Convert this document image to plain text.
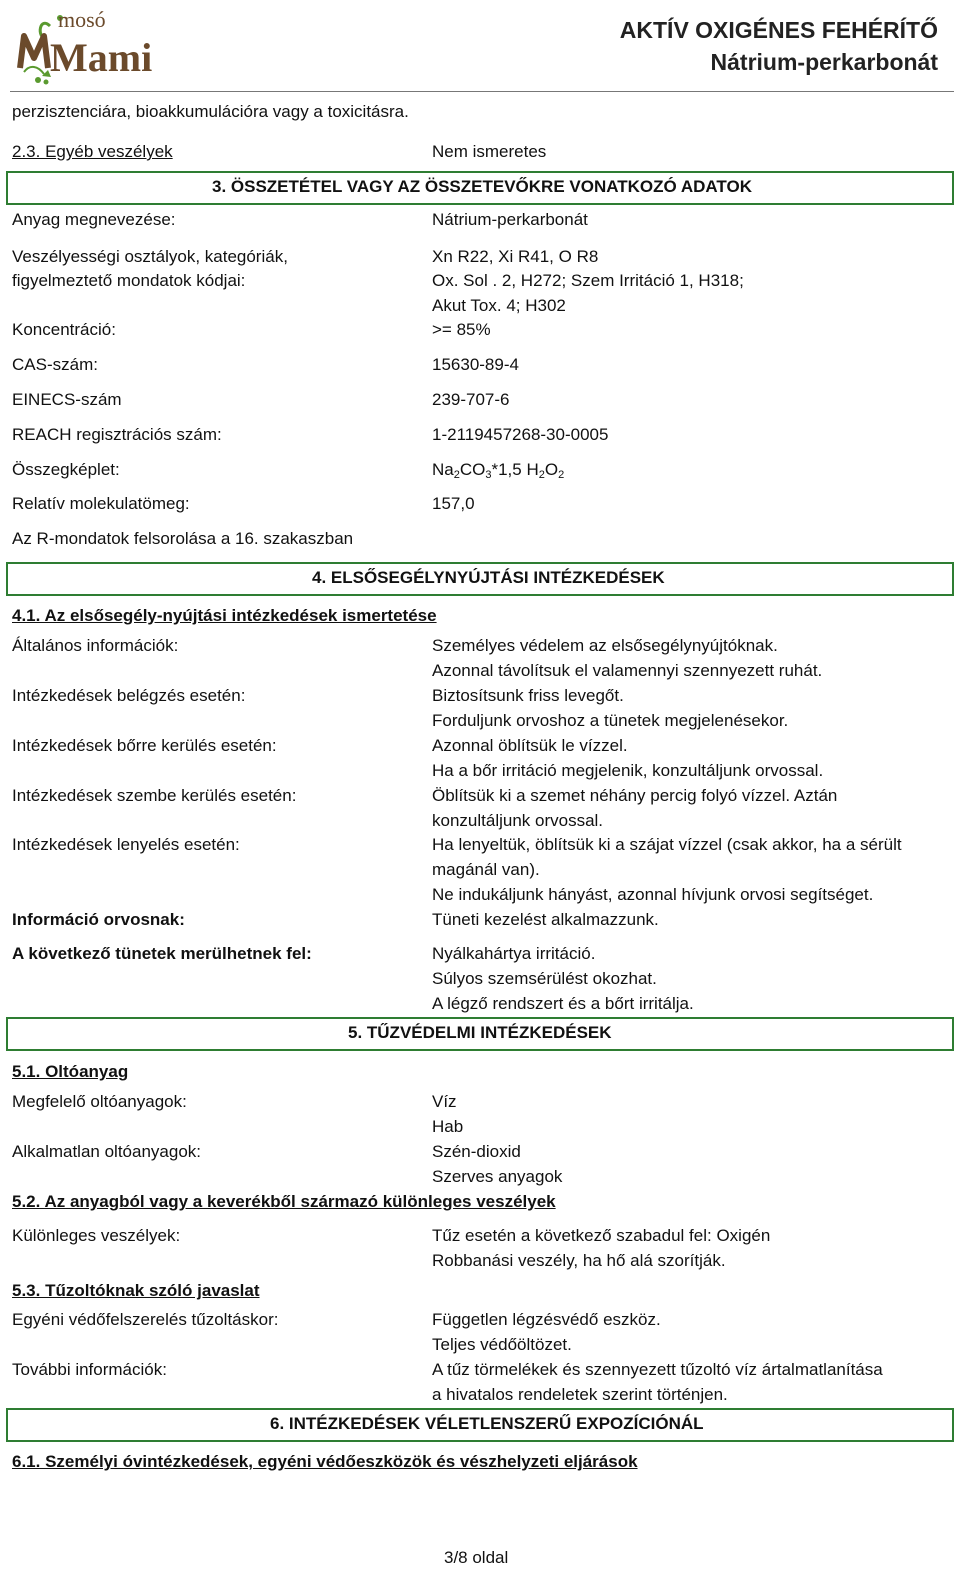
mosó
Mami
AKTÍV OXIGÉNES FEHÉRÍTŐ
Nátrium-perkarbonát
perzisztenciára, bioakkumulációra vagy a toxicitásra.
2.3. Egyéb veszélyek	Nem ismeretes
3. ÖSSZETÉTEL VAGY AZ ÖSSZETEVŐKRE VONATKOZÓ ADATOK
Anyag megnevezése:	Nátrium-perkarbonát
Veszélyességi osztályok, kategóriák,
figyelmeztető mondatok kódjai:
Xn R22, Xi R41, O R8
Ox. Sol . 2, H272; Szem Irritáció 1, H318;
Akut Tox. 4; H302
Koncentráció:	>= 85%
CAS-szám:	15630-89-4
EINECS-szám	239-707-6
REACH regisztrációs szám:	1-2119457268-30-0005
Összegképlet:	$Na_2CO_3*1,5$ $H_2O_2$
Relatív molekulatömeg:	157,0
Az R-mondatok felsorolása a 16. szakaszban
4. ELSŐSEGÉLYNYÚJTÁSI INTÉZKEDÉSEK
4.1. Az elsősegély-nyújtási intézkedések ismertetése
Általános információk:	Személyes védelem az elsősegélynyújtóknak.
Azonnal távolítsuk el valamennyi szennyezett ruhát.
Intézkedések belégzés esetén:	Biztosítsunk friss levegőt.
Forduljunk orvoshoz a tünetek megjelenésekor.
Intézkedések bőrre kerülés esetén:	Azonnal öblítsük le vízzel.
Ha a bőr irritáció megjelenik, konzultáljunk orvossal.
Intézkedések szembe kerülés esetén:	Öblítsük ki a szemet néhány percig folyó vízzel. Aztán
konzultáljunk orvossal.
Intézkedések lenyelés esetén:	Ha lenyeltük, öblítsük ki a szájat vízzel (csak akkor, ha a sérült
magánál van).
Ne indukáljunk hányást, azonnal hívjunk orvosi segítséget.
Információ orvosnak:	Tüneti kezelést alkalmazzunk.
A következő tünetek merülhetnek fel:	Nyálkahártya irritáció.
Súlyos szemsérülést okozhat.
A légző rendszert és a bőrt irritálja.
5. TŰZVÉDELMI INTÉZKEDÉSEK
5.1. Oltóanyag
Megfelelő oltóanyagok:	Víz
Hab
Alkalmatlan oltóanyagok:	Szén-dioxid
Szerves anyagok
5.2. Az anyagból vagy a keverékből származó különleges veszélyek
Különleges veszélyek:	Tűz esetén a következő szabadul fel: Oxigén
Robbanási veszély, ha hő alá szorítják.
5.3. Tűzoltóknak szóló javaslat
Egyéni védőfelszerelés tűzoltáskor:	Független légzésvédő eszköz.
Teljes védőöltözet.
További információk:	A tűz törmelékek és szennyezett tűzoltó víz ártalmatlanítása
a hivatalos rendeletek szerint történjen.
6. INTÉZKEDÉSEK VÉLETLENSZERŰ EXPOZÍCIÓNÁL
6.1. Személyi óvintézkedések, egyéni védőeszközök és vészhelyzeti eljárások
3/8 oldal
